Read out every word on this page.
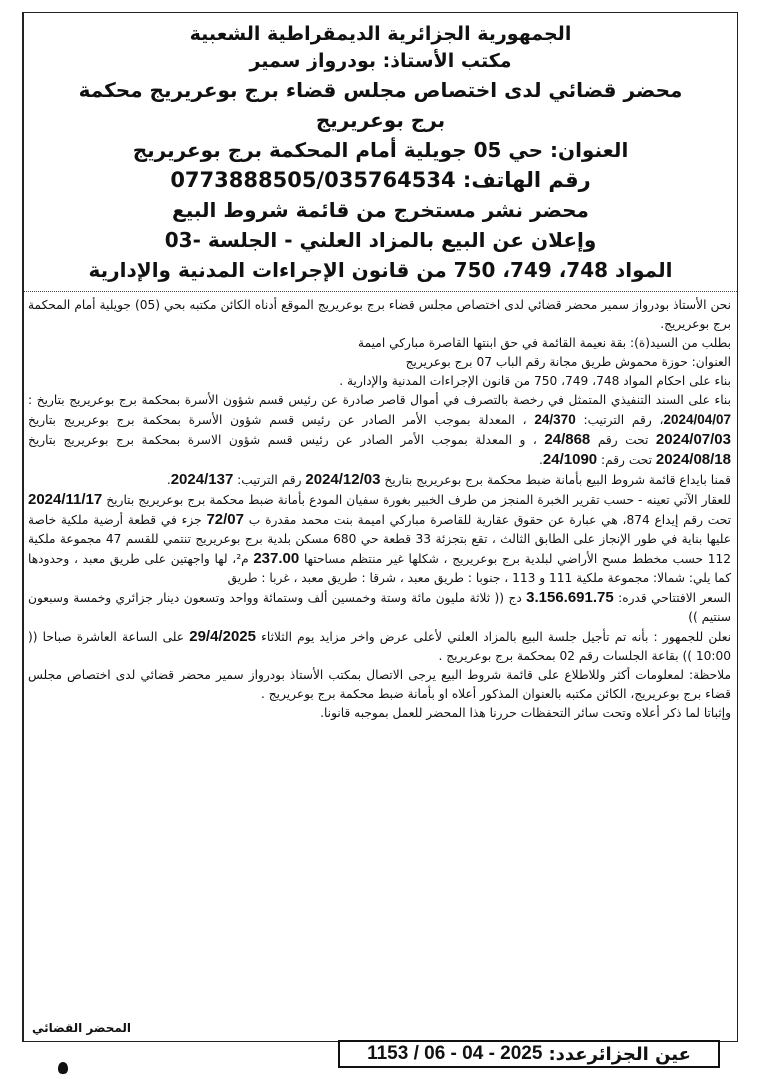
الجمهورية الجزائرية الديمقراطية الشعبية
مكتب الأستاذ: بودرواز سمير
محضر قضائي لدى اختصاص مجلس قضاء برج بوعريريج محكمة
برج بوعريريج
العنوان: حي 05 جويلية أمام المحكمة برج بوعريريج
رقم الهاتف: 0773888505/035764534
محضر نشر مستخرج من قائمة شروط البيع
وإعلان عن البيع بالمزاد العلني - الجلسة -03
المواد 748، 749، 750 من قانون الإجراءات المدنية والإدارية

نحن الأستاذ بودرواز سمير محضر قضائي لدى اختصاص مجلس قضاء برج بوعريريج الموقع أدناه الكائن مكتبه بحي (05) جويلية أمام المحكمة برج بوعريريج.

بطلب من السيد(ة): بقة نعيمة القائمة في حق ابنتها القاصرة مباركي اميمة

العنوان: حوزة محموش طريق مجانة رقم الباب 07 برج بوعريريج

بناء على احكام المواد 748، 749، 750 من قانون الإجراءات المدنية والإدارية .

بناء على السند التنفيذي المتمثل في رخصة بالتصرف في أموال قاصر صادرة عن رئيس قسم شؤون الأسرة بمحكمة برج بوعريريج بتاريخ : 2024/04/07، رقم الترتيب: 24/370 ، المعدلة بموجب الأمر الصادر عن رئيس قسم شؤون الأسرة بمحكمة برج بوعريريج بتاريخ 2024/07/03 تحت رقم 24/868 ، و المعدلة بموجب الأمر الصادر عن رئيس قسم شؤون الاسرة بمحكمة برج بوعريريج بتاريخ 2024/08/18 تحت رقم: 24/1090.

قمنا بايداع قائمة شروط البيع بأمانة ضبط محكمة برج بوعريريج بتاريخ 2024/12/03 رقم الترتيب: 2024/137.

للعقار الآتي تعينه - حسب تقرير الخبرة المنجز من طرف الخبير بغورة سفيان المودع بأمانة ضبط محكمة برج بوعريريج بتاريخ 2024/11/17 تحت رقم إيداع 874، هي عبارة عن حقوق عقارية للقاصرة مباركي اميمة بنت محمد مقدرة ب 72/07 جزء في قطعة أرضية ملكية خاصة عليها بناية في طور الإنجاز على الطابق الثالث ، تقع بتجزئة 33 قطعة حي 680 مسكن بلدية برج بوعريريج تنتمي للقسم 47 مجموعة ملكية 112 حسب مخطط مسح الأراضي لبلدية برج بوعريريج ، شكلها غير منتظم مساحتها 237.00 م²، لها واجهتين على طريق معبد ، وحدودها كما يلي: شمالا: مجموعة ملكية 111 و 113 ، جنوبا : طريق معبد ، شرقا : طريق معبد ، غربا : طريق

السعر الافتتاحي قدره: 3.156.691.75 دج (( ثلاثة مليون مائة وستة وخمسين ألف وستمائة وواحد وتسعون دينار جزائري وخمسة وسبعون سنتيم ))

نعلن للجمهور : بأنه تم تأجيل جلسة البيع بالمزاد العلني لأعلى عرض واخر مزايد يوم الثلاثاء 29/4/2025 على الساعة العاشرة صباحا (( 10:00 )) بقاعة الجلسات رقم 02 بمحكمة برج بوعريريج .

ملاحظة: لمعلومات أكثر وللاطلاع على قائمة شروط البيع يرجى الاتصال بمكتب الأستاذ بودرواز سمير محضر قضائي لدى اختصاص مجلس قضاء برج بوعريريج، الكائن مكتبه بالعنوان المذكور أعلاه او بأمانة ضبط محكمة برج بوعريريج .

وإثباتا لما ذكر أعلاه وتحت سائر التحفظات حررنا هذا المحضر للعمل بموجبه قانونا.

المحضر القضائي
عين الجزائرعدد:
1153 / 06 - 04 - 2025
